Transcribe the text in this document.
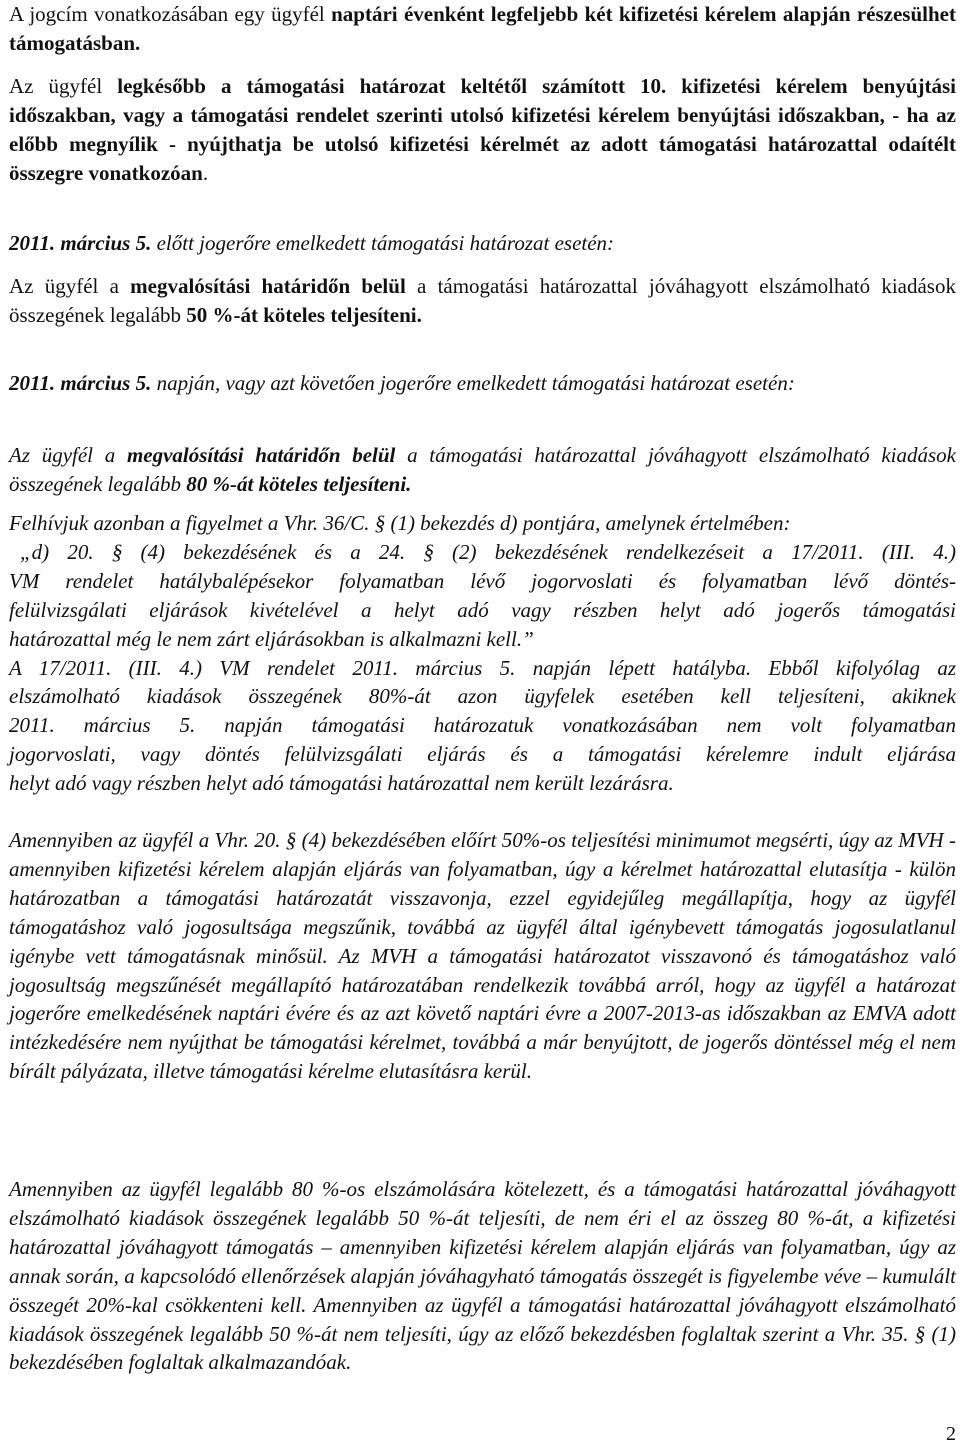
A jogcím vonatkozásában egy ügyfél naptári évenként legfeljebb két kifizetési kérelem alapján részesülhet támogatásban.

Az ügyfél legkésőbb a támogatási határozat keltétől számított 10. kifizetési kérelem benyújtási időszakban, vagy a támogatási rendelet szerinti utolsó kifizetési kérelem benyújtási időszakban, - ha az előbb megnyílik - nyújthatja be utolsó kifizetési kérelmét az adott támogatási határozattal odaítélt összegre vonatkozóan.

2011. március 5. előtt jogerőre emelkedett támogatási határozat esetén:

Az ügyfél a megvalósítási határidőn belül a támogatási határozattal jóváhagyott elszámolható kiadások összegének legalább 50 %-át köteles teljesíteni.

2011. március 5. napján, vagy azt követően jogerőre emelkedett támogatási határozat esetén:

Az ügyfél a megvalósítási határidőn belül a támogatási határozattal jóváhagyott elszámolható kiadások összegének legalább 80 %-át köteles teljesíteni.

Felhívjuk azonban a figyelmet a Vhr. 36/C. § (1) bekezdés d) pontjára, amelynek értelmében:
„d) 20. § (4) bekezdésének és a 24. § (2) bekezdésének rendelkezéseit a 17/2011. (III. 4.)
VM rendelet hatálybalépésekor folyamatban lévő jogorvoslati és folyamatban lévő döntés-
felülvizsgálati eljárások kivételével a helyt adó vagy részben helyt adó jogerős támogatási
határozattal még le nem zárt eljárásokban is alkalmazni kell.”
A 17/2011. (III. 4.) VM rendelet 2011. március 5. napján lépett hatályba. Ebből kifolyólag az
elszámolható kiadások összegének 80%-át azon ügyfelek esetében kell teljesíteni, akiknek
2011. március 5. napján támogatási határozatuk vonatkozásában nem volt folyamatban
jogorvoslati, vagy döntés felülvizsgálati eljárás és a támogatási kérelemre indult eljárása
helyt adó vagy részben helyt adó támogatási határozattal nem került lezárásra.

Amennyiben az ügyfél a Vhr. 20. § (4) bekezdésében előírt 50%-os teljesítési minimumot megsérti, úgy az MVH - amennyiben kifizetési kérelem alapján eljárás van folyamatban, úgy a kérelmet határozattal elutasítja - külön határozatban a támogatási határozatát visszavonja, ezzel egyidejűleg megállapítja, hogy az ügyfél támogatáshoz való jogosultsága megszűnik, továbbá az ügyfél által igénybevett támogatás jogosulatlanul igénybe vett támogatásnak minősül. Az MVH a támogatási határozatot visszavonó és támogatáshoz való jogosultság megszűnését megállapító határozatában rendelkezik továbbá arról, hogy az ügyfél a határozat jogerőre emelkedésének naptári évére és az azt követő naptári évre a 2007-2013-as időszakban az EMVA adott intézkedésére nem nyújthat be támogatási kérelmet, továbbá a már benyújtott, de jogerős döntéssel még el nem bírált pályázata, illetve támogatási kérelme elutasításra kerül.

Amennyiben az ügyfél legalább 80 %-os elszámolására kötelezett, és a támogatási határozattal jóváhagyott elszámolható kiadások összegének legalább 50 %-át teljesíti, de nem éri el az összeg 80 %-át, a kifizetési határozattal jóváhagyott támogatás – amennyiben kifizetési kérelem alapján eljárás van folyamatban, úgy az annak során, a kapcsolódó ellenőrzések alapján jóváhagyható támogatás összegét is figyelembe véve – kumulált összegét 20%-kal csökkenteni kell. Amennyiben az ügyfél a támogatási határozattal jóváhagyott elszámolható kiadások összegének legalább 50 %-át nem teljesíti, úgy az előző bekezdésben foglaltak szerint a Vhr. 35. § (1) bekezdésében foglaltak alkalmazandóak.

2
